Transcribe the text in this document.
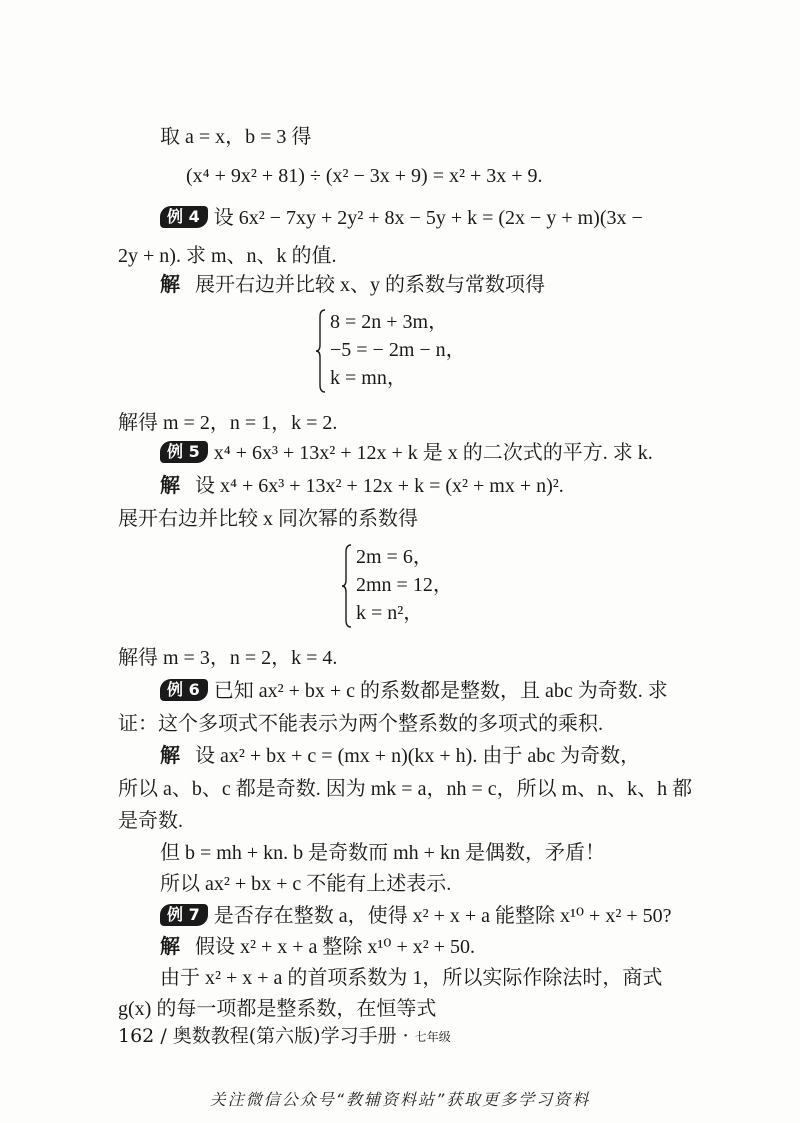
取 a = x，b = 3 得
(x⁴ + 9x² + 81) ÷ (x² − 3x + 9) = x² + 3x + 9.
例 4 设 6x² − 7xy + 2y² + 8x − 5y + k = (2x − y + m)(3x −
2y + n). 求 m、n、k 的值.
解 展开右边并比较 x、y 的系数与常数项得
8 = 2n + 3m，
−5 = − 2m − n，
k = mn，
解得 m = 2，n = 1，k = 2.
例 5 x⁴ + 6x³ + 13x² + 12x + k 是 x 的二次式的平方. 求 k.
解 设 x⁴ + 6x³ + 13x² + 12x + k = (x² + mx + n)².
展开右边并比较 x 同次幂的系数得
2m = 6，
2mn = 12，
k = n²，
解得 m = 3，n = 2，k = 4.
例 6 已知 ax² + bx + c 的系数都是整数，且 abc 为奇数. 求
证：这个多项式不能表示为两个整系数的多项式的乘积.
解 设 ax² + bx + c = (mx + n)(kx + h). 由于 abc 为奇数，
所以 a、b、c 都是奇数. 因为 mk = a，nh = c，所以 m、n、k、h 都
是奇数.
但 b = mh + kn. b 是奇数而 mh + kn 是偶数，矛盾！
所以 ax² + bx + c 不能有上述表示.
例 7 是否存在整数 a，使得 x² + x + a 能整除 x¹⁰ + x² + 50?
解 假设 x² + x + a 整除 x¹⁰ + x² + 50.
由于 x² + x + a 的首项系数为 1，所以实际作除法时，商式
g(x) 的每一项都是整系数，在恒等式
162 / 奥数教程(第六版)学习手册 · 七年级
关注微信公众号“教辅资料站”获取更多学习资料
